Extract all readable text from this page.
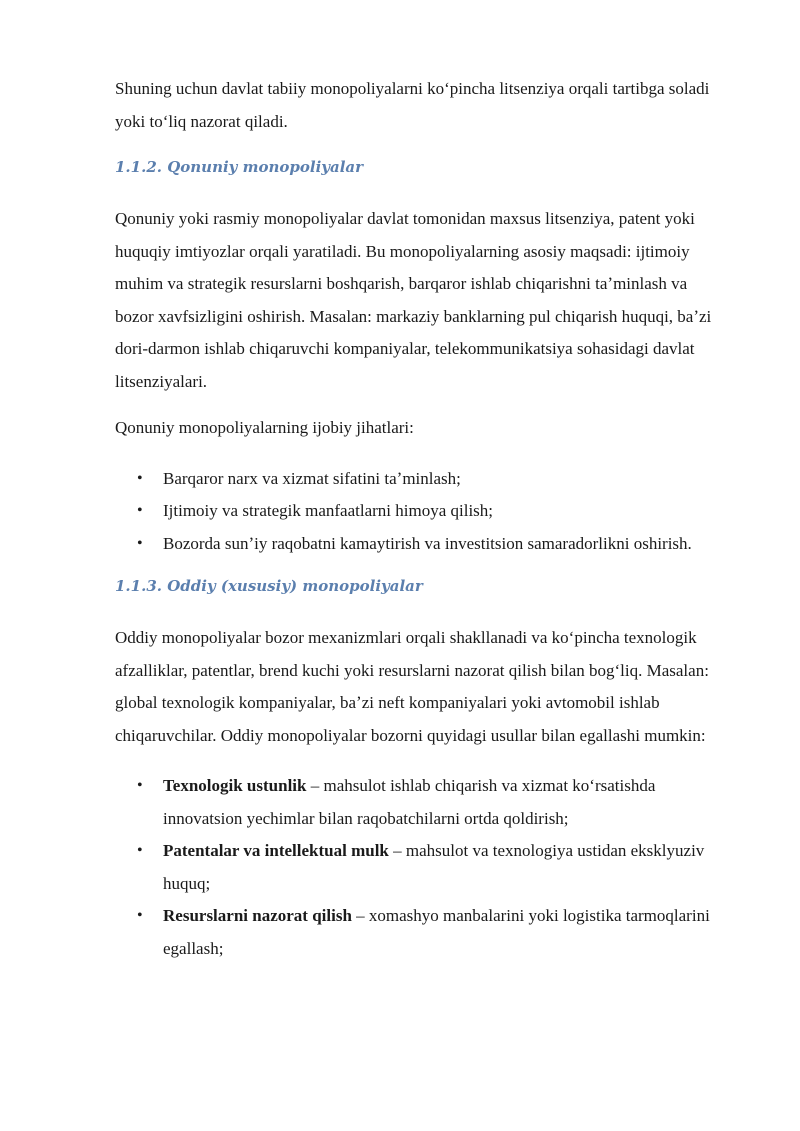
Shuning uchun davlat tabiiy monopoliyalarni koʻpincha litsenziya orqali tartibga soladi yoki toʻliq nazorat qiladi.

1.1.2. Qonuniy monopoliyalar

Qonuniy yoki rasmiy monopoliyalar davlat tomonidan maxsus litsenziya, patent yoki huquqiy imtiyozlar orqali yaratiladi. Bu monopoliyalarning asosiy maqsadi: ijtimoiy muhim va strategik resurslarni boshqarish, barqaror ishlab chiqarishni taʼminlash va bozor xavfsizligini oshirish. Masalan: markaziy banklarning pul chiqarish huquqi, baʼzi dori-darmon ishlab chiqaruvchi kompaniyalar, telekommunikatsiya sohasidagi davlat litsenziyalari.

Qonuniy monopoliyalarning ijobiy jihatlari:

• Barqaror narx va xizmat sifatini taʼminlash;
• Ijtimoiy va strategik manfaatlarni himoya qilish;
• Bozorda sunʼiy raqobatni kamaytirish va investitsion samaradorlikni oshirish.
1.1.3. Oddiy (xususiy) monopoliyalar

Oddiy monopoliyalar bozor mexanizmlari orqali shakllanadi va koʻpincha texnologik afzalliklar, patentlar, brend kuchi yoki resurslarni nazorat qilish bilan bogʻliq. Masalan: global texnologik kompaniyalar, baʼzi neft kompaniyalari yoki avtomobil ishlab chiqaruvchilar. Oddiy monopoliyalar bozorni quyidagi usullar bilan egallashi mumkin:

• Texnologik ustunlik – mahsulot ishlab chiqarish va xizmat koʻrsatishda innovatsion yechimlar bilan raqobatchilarni ortda qoldirish;
• Patentalar va intellektual mulk – mahsulot va texnologiya ustidan eksklyuziv huquq;
• Resurslarni nazorat qilish – xomashyo manbalarini yoki logistika tarmoqlarini egallash;
